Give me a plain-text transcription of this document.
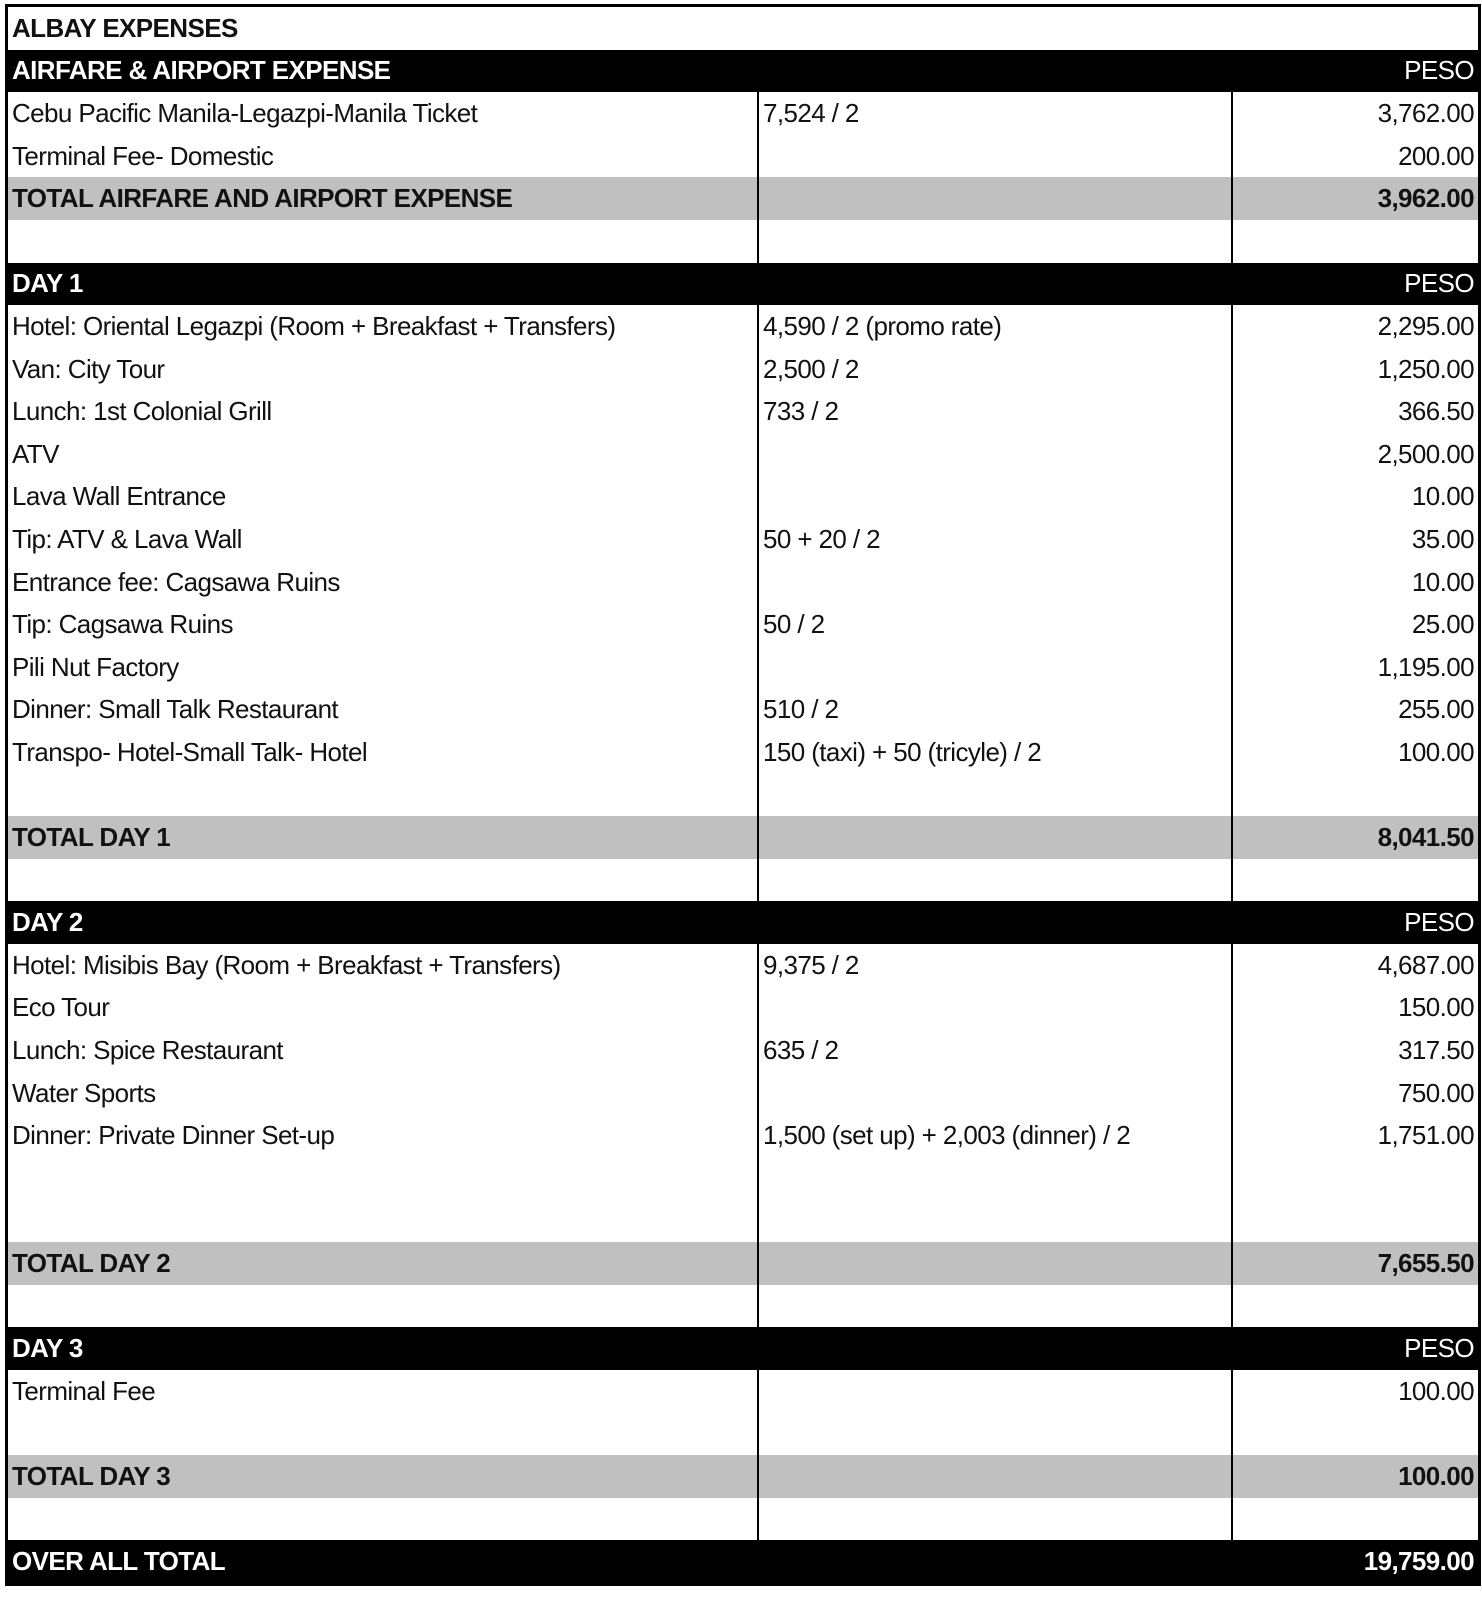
ALBAY EXPENSES		
AIRFARE & AIRPORT EXPENSE		PESO
Cebu Pacific Manila-Legazpi-Manila Ticket	7,524 / 2	3,762.00
Terminal Fee- Domestic		200.00
TOTAL AIRFARE AND AIRPORT EXPENSE		3,962.00

DAY 1		PESO
Hotel: Oriental Legazpi (Room + Breakfast + Transfers)	4,590 / 2 (promo rate)	2,295.00
Van: City Tour	2,500 / 2	1,250.00
Lunch: 1st Colonial Grill	733 / 2	366.50
ATV		2,500.00
Lava Wall Entrance		10.00
Tip: ATV & Lava Wall	50 + 20 / 2	35.00
Entrance fee: Cagsawa Ruins		10.00
Tip: Cagsawa Ruins	50 / 2	25.00
Pili Nut Factory		1,195.00
Dinner: Small Talk Restaurant	510 / 2	255.00
Transpo- Hotel-Small Talk- Hotel	150 (taxi) + 50 (tricyle) / 2	100.00

TOTAL DAY 1		8,041.50

DAY 2		PESO
Hotel: Misibis Bay (Room + Breakfast + Transfers)	9,375 / 2	4,687.00
Eco Tour		150.00
Lunch: Spice Restaurant	635 / 2	317.50
Water Sports		750.00
Dinner: Private Dinner Set-up	1,500 (set up) + 2,003 (dinner) / 2	1,751.00

TOTAL DAY 2		7,655.50

DAY 3		PESO
Terminal Fee		100.00

TOTAL DAY 3		100.00

OVER ALL TOTAL		19,759.00
